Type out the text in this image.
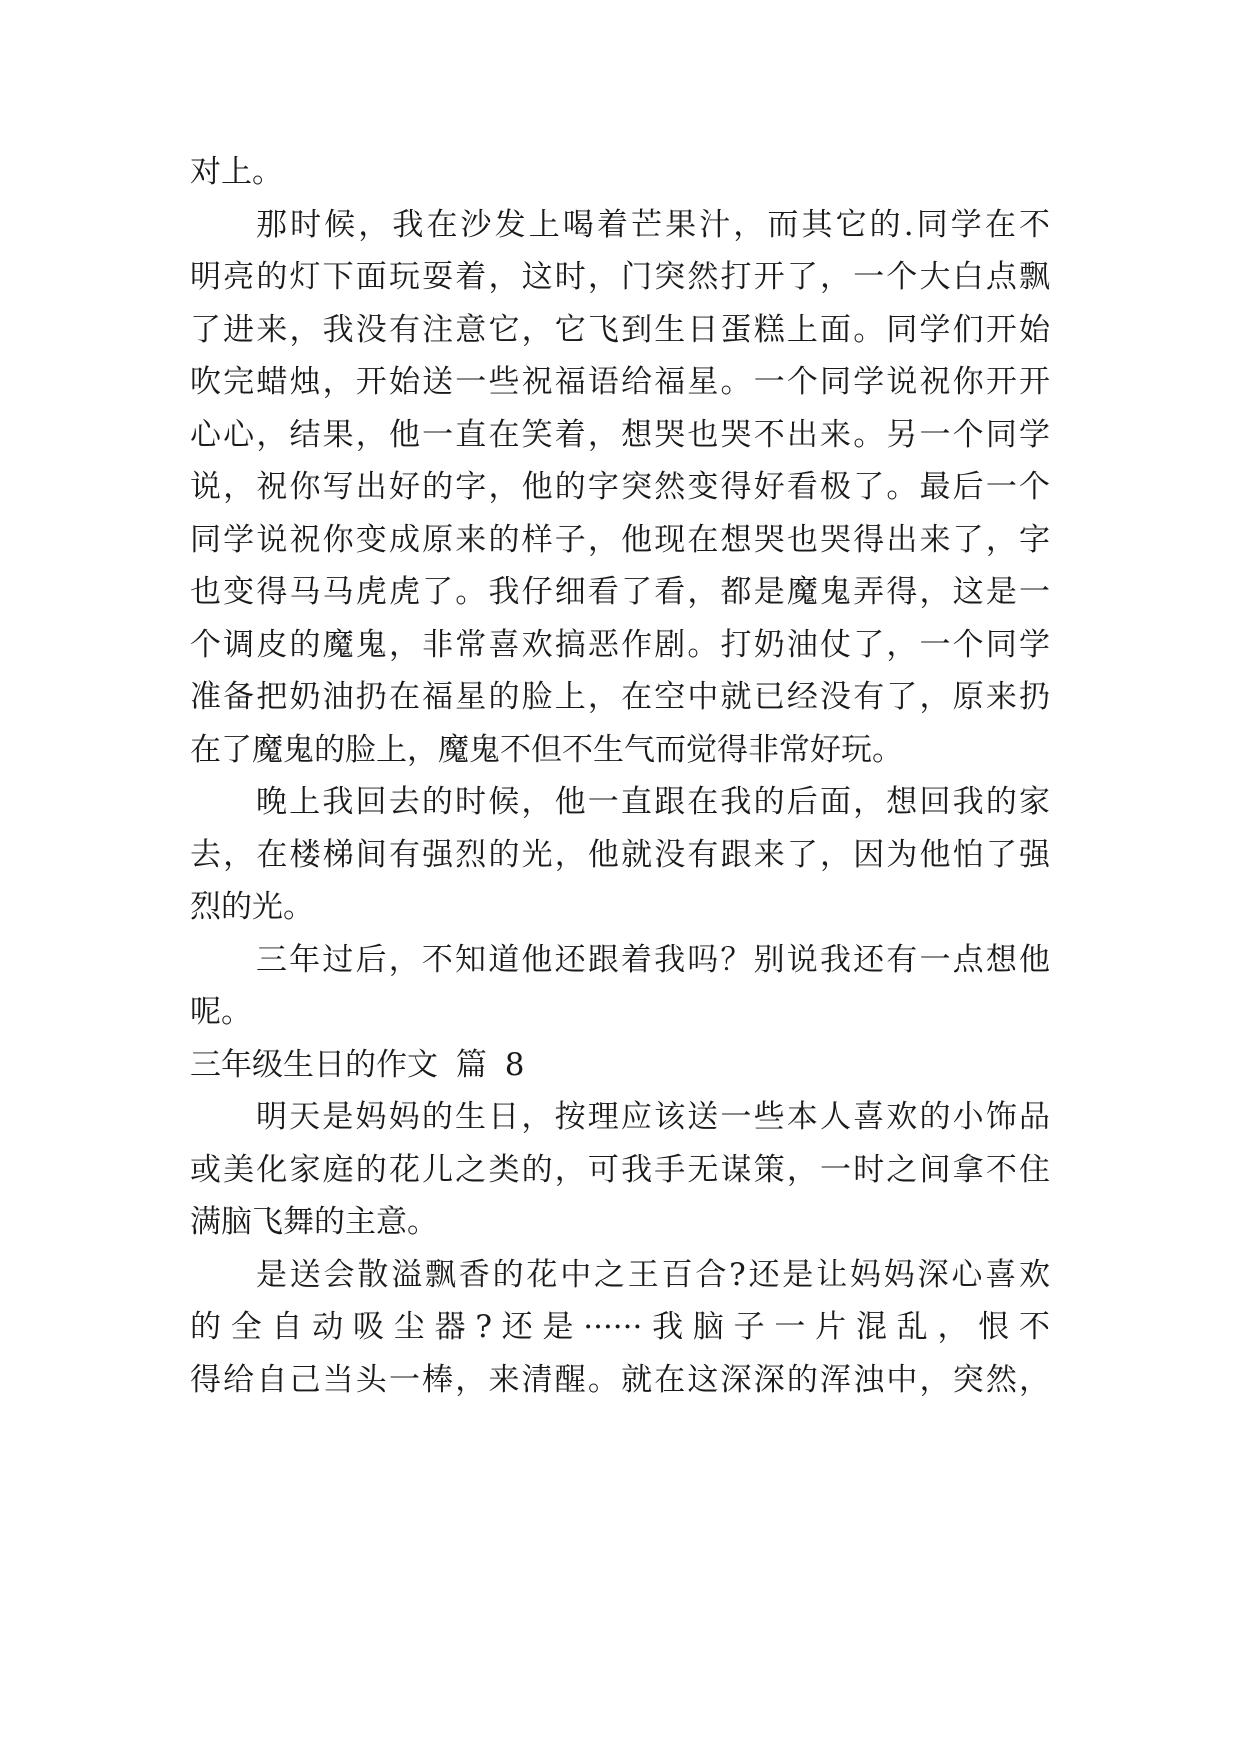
对上。
那时候，我在沙发上喝着芒果汁，而其它的.同学在不
明亮的灯下面玩耍着，这时，门突然打开了，一个大白点飘
了进来，我没有注意它，它飞到生日蛋糕上面。同学们开始
吹完蜡烛，开始送一些祝福语给福星。一个同学说祝你开开
心心，结果，他一直在笑着，想哭也哭不出来。另一个同学
说，祝你写出好的字，他的字突然变得好看极了。最后一个
同学说祝你变成原来的样子，他现在想哭也哭得出来了，字
也变得马马虎虎了。我仔细看了看，都是魔鬼弄得，这是一
个调皮的魔鬼，非常喜欢搞恶作剧。打奶油仗了，一个同学
准备把奶油扔在福星的脸上，在空中就已经没有了，原来扔
在了魔鬼的脸上，魔鬼不但不生气而觉得非常好玩。
晚上我回去的时候，他一直跟在我的后面，想回我的家
去，在楼梯间有强烈的光，他就没有跟来了，因为他怕了强
烈的光。
三年过后，不知道他还跟着我吗？别说我还有一点想他
呢。
三年级生日的作文 篇 8
明天是妈妈的生日，按理应该送一些本人喜欢的小饰品
或美化家庭的花儿之类的，可我手无谋策，一时之间拿不住
满脑飞舞的主意。
是送会散溢飘香的花中之王百合?还是让妈妈深心喜欢
的全自动吸尘器?还是······我脑子一片混乱，恨不
得给自己当头一棒，来清醒。就在这深深的浑浊中，突然，
